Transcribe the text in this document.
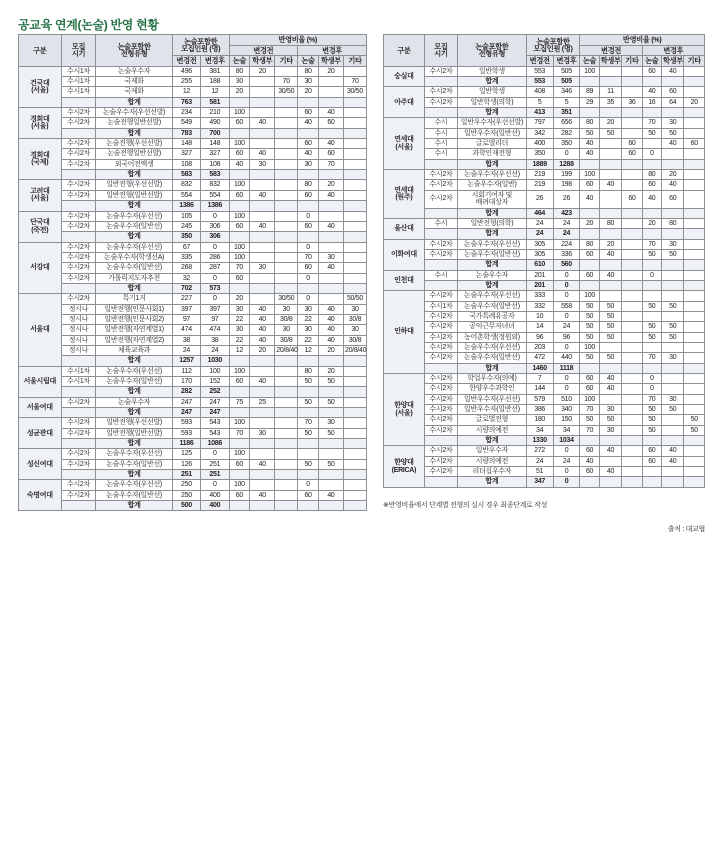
공교육 연계(논술) 반영 현황
구분	모집
시기	논술포함한
전형유형	논술포함한
모집인원 (명)		반영비율 (%)					
					변경전			변경후		
			변경전	변경후	논술	학생부	기타	논술	학생부	기타
건국대
(서울)	수시1차	논술우수자	496	381	80	20		80	20	
	수시1차	국제화	255	188	30		70	30		70
	수시1차	국제화	12	12	20		30/50	20		30/50
		합계	763	581						
경희대
(서울)	수시2차	논술우수자(우선선발)	234	210	100			60	40	
	수시2차	논술전행일반선발)	549	490	60	40		40	60	
		합계	783	700						
경희대
(국제)	수시2차	논술전행(우선선발)	148	148	100			60	40	
	수시2차	논술전행일반선발)	327	327	60	40		40	60	
	수시2차	외국어전액생	108	108	40	30		30	70	
		합계	583	583						
고려대
(서울)	수시2차	일반전형(우선선발)	832	832	100			80	20	
	수시2차	일반전형(일반선발)	554	554	60	40		60	40	
		합계	1386	1386						
단국대
(죽전)	수시2차	논술우수자(우선선)	105	0	100			0		
	수시2차	논술우수자(일반선)	245	306	60	40		60	40	
		합계	350	306						
서강대	수시2차	논술우수자(우선선)	67	0	100			0		
	수시2차	논술우수자(학생선A)	335	286	100			70	30	
	수시2차	논술우수자(일반선)	268	287	70	30		60	40	
	수시2차	가톨릭지도자추천	32	0	60			0		
		합계	702	573						
서울대	수시2차	특기1지	227	0	20		30/50	0		50/50
	정시나	일반전행(인문사회1)	397	397	30	40	30	30	40	30
	정시나	일반전행(인문사회2)	97	97	22	40	30/8	22	40	30/8
	정시나	일반전행(자연계열1)	474	474	30	40	30	30	40	30
	정시나	일반전행(자연계열2)	38	38	22	40	30/8	22	40	30/8
	정시나	체육교육과	24	24	12	20	20/8/40	12	20	20/8/40
		합계	1257	1030						
서울시립대	수시1차	논술우수자(우선선)	112	100	100			80	20	
	수시1차	논술우수자(일반선)	170	152	60	40		50	50	
		합계	282	252						
서울여대	수시2차	논술우수자	247	247	75	25		50	50	
		합계	247	247						
성균관대	수시2차	일반전행(우선선발)	593	543	100			70	30	
	수시2차	일반전행(일반선발)	593	543	70	30		50	50	
		합계	1186	1086						
성신여대	수시2차	논술우수자(우선선)	125	0	100					
	수시2차	논술우수자(일반선)	126	251	60	40		50	50	
		합계	251	251						
숙명여대	수시2차	논술우수자(우선선)	250	0	100			0		
	수시2차	논술우수자(일반선)	250	400	60	40		60	40	
		합계	500	400						
구분	모집
시기	논술포함한
전형유형	논술포함한
모집인원 (명)		반영비율 (%)					
					변경전			변경후		
			변경전	변경후	논술	학생부	기타	논술	학생부	기타
숭실대	수시2차	일반학생	553	505	100			60	40	
		합계	553	505						
아주대	수시2차	일반학생	408	346	89	11		40	60	
	수시2차	일반학생(의학)	5	5	29	35	36	16	64	20
		합계	413	351						
연세대
(서울)	수시	일반우수자(우선선발)	797	656	80	20		70	30	
	수시	일반우수자(일반선)	342	282	50	50		50	50	
	수시	글로벌리더	400	350	40		60		40	60
	수시	과학인재전형	350	0	40		60	0		
		합계	1889	1288						
연세대
(원주)	수시2차	논술우수자(우선선)	219	199	100			80	20	
	수시2차	논술우수자(일반)	219	198	60	40		60	40	
	수시2차	시회기여자 및 배려대상자	26	26	40		60	40	60	
		합계	464	423						
울산대	수시	일반전형(의학)	24	24	20	80		20	80	
		합계	24	24						
이화여대	수시2차	논술우수자(우선선)	305	224	80	20		70	30	
	수시2차	논술우수자(일반선)	305	336	60	40		50	50	
		합계	610	560						
인천대	수시	논술우수자	201	0	60	40		0		
		합계	201	0						
인하대	수시2차	논술우수자(우선선)	333	0	100					
	수시1차	논술우수자(일반선)	332	558	50	50		50	50	
	수시2차	국가특례유공자	10	0	50	50				
	수시2차	공익근무자녀녀	14	24	50	50		50	50	
	수시2차	농어촌학생(정원외)	96	96	50	50		50	50	
	수시2차	논술우수자(우선선)	203	0	100					
	수시2차	논술우수자(일반선)	472	440	50	50		70	30	
		합계	1460	1118						
한양대
(서울)	수시2차	학업우수자(의예)	7	0	60	40		0		
	수시2차	한양우수과학인	144	0	60	40		0		
	수시2차	일반우수자(우선선)	579	510	100			70	30	
	수시2차	일반우수자(일반선)	386	340	70	30		50	50	
	수시2차	글로벌전형	180	150	50	50		50		50
	수시2차	시량의예전	34	34	70	30		50		50
		합계	1330	1034						
한양대
(ERICA)	수시2차	일반우수자	272	0	60	40		60	40	
	수시2차	시량의예전	24	24	40			60	40	
	수시2차	리더십우수자	51	0	60	40				
		합계	347	0						
※반영비율에서 단계별 전형의 실시 경우 최종단계로 작성
출처 : 대교협
